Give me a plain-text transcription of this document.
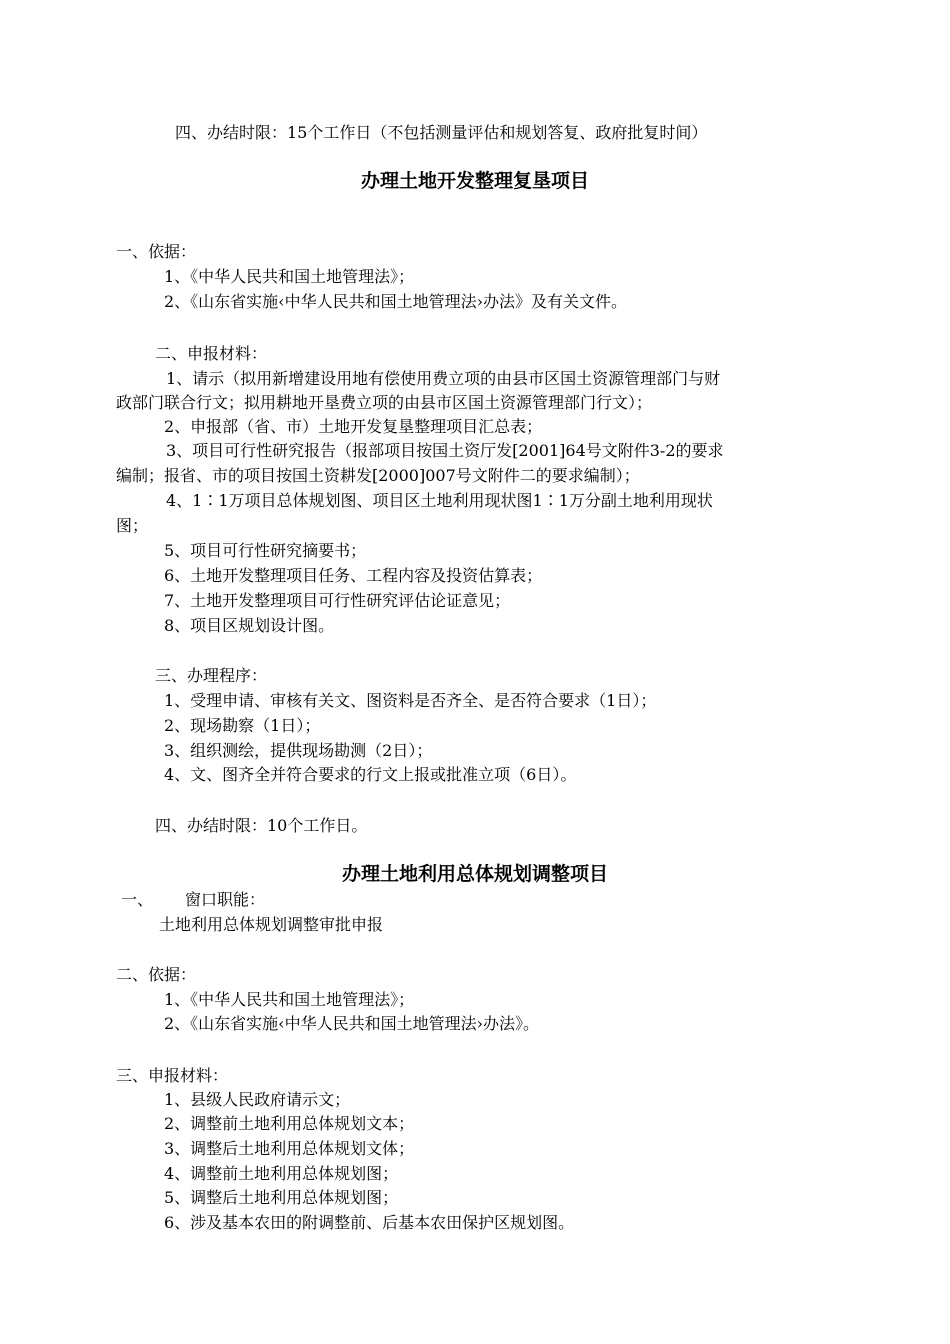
四、办结时限：15个工作日（不包括测量评估和规划答复、政府批复时间）
办理土地开发整理复垦项目
一、依据：
1、《中华人民共和国土地管理法》；
2、《山东省实施‹中华人民共和国土地管理法›办法》及有关文件。
二、申报材料：
1、请示（拟用新增建设用地有偿使用费立项的由县市区国土资源管理部门与财
政部门联合行文；拟用耕地开垦费立项的由县市区国土资源管理部门行文）；
2、申报部（省、市）土地开发复垦整理项目汇总表；
3、项目可行性研究报告（报部项目按国土资厅发[2001]64号文附件3-2的要求
编制；报省、市的项目按国土资耕发[2000]007号文附件二的要求编制）；
4、1∶1万项目总体规划图、项目区土地利用现状图1∶1万分副土地利用现状
图；
5、项目可行性研究摘要书；
6、土地开发整理项目任务、工程内容及投资估算表；
7、土地开发整理项目可行性研究评估论证意见；
8、项目区规划设计图。
三、办理程序：
1、受理申请、审核有关文、图资料是否齐全、是否符合要求（1日）；
2、现场勘察（1日）；
3、组织测绘，提供现场勘测（2日）；
4、文、图齐全并符合要求的行文上报或批准立项（6日）。
四、办结时限：10个工作日。
办理土地利用总体规划调整项目
一、 窗口职能：
土地利用总体规划调整审批申报
二、依据：
1、《中华人民共和国土地管理法》；
2、《山东省实施‹中华人民共和国土地管理法›办法》。
三、申报材料：
1、县级人民政府请示文；
2、调整前土地利用总体规划文本；
3、调整后土地利用总体规划文体；
4、调整前土地利用总体规划图；
5、调整后土地利用总体规划图；
6、涉及基本农田的附调整前、后基本农田保护区规划图。
